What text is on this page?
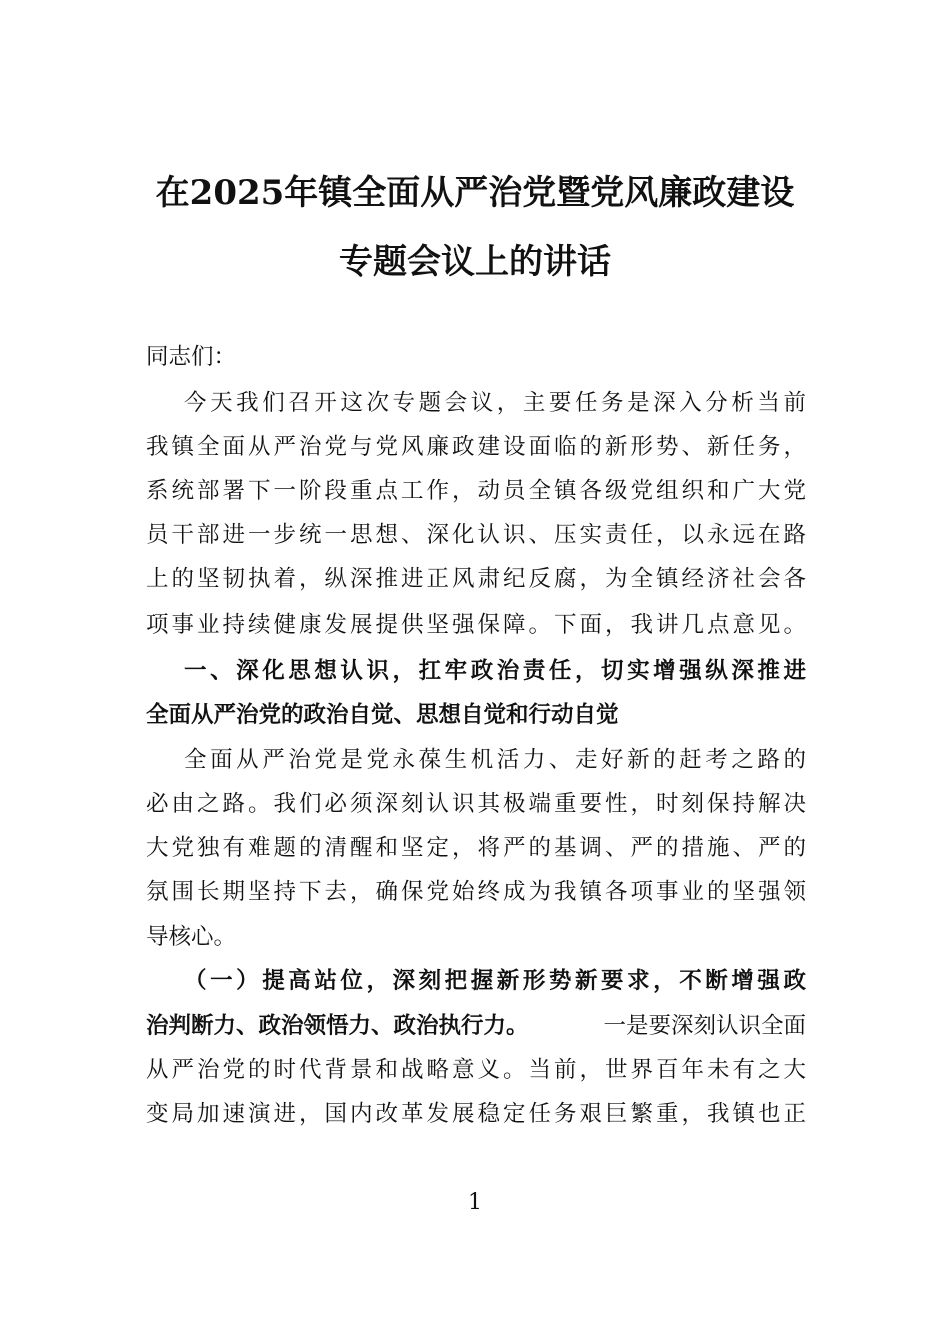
在2025年镇全面从严治党暨党风廉政建设
专题会议上的讲话
同志们：
今天我们召开这次专题会议，主要任务是深入分析当前
我镇全面从严治党与党风廉政建设面临的新形势、新任务，
系统部署下一阶段重点工作，动员全镇各级党组织和广大党
员干部进一步统一思想、深化认识、压实责任，以永远在路
上的坚韧执着，纵深推进正风肃纪反腐，为全镇经济社会各
项事业持续健康发展提供坚强保障。下面，我讲几点意见。
一、深化思想认识，扛牢政治责任，切实增强纵深推进
全面从严治党的政治自觉、思想自觉和行动自觉
全面从严治党是党永葆生机活力、走好新的赶考之路的
必由之路。我们必须深刻认识其极端重要性，时刻保持解决
大党独有难题的清醒和坚定，将严的基调、严的措施、严的
氛围长期坚持下去，确保党始终成为我镇各项事业的坚强领
导核心。
（一）提高站位，深刻把握新形势新要求，不断增强政
治判断力、政治领悟力、政治执行力。	一是要深刻认识全面
从严治党的时代背景和战略意义。当前，世界百年未有之大
变局加速演进，国内改革发展稳定任务艰巨繁重，我镇也正
1
